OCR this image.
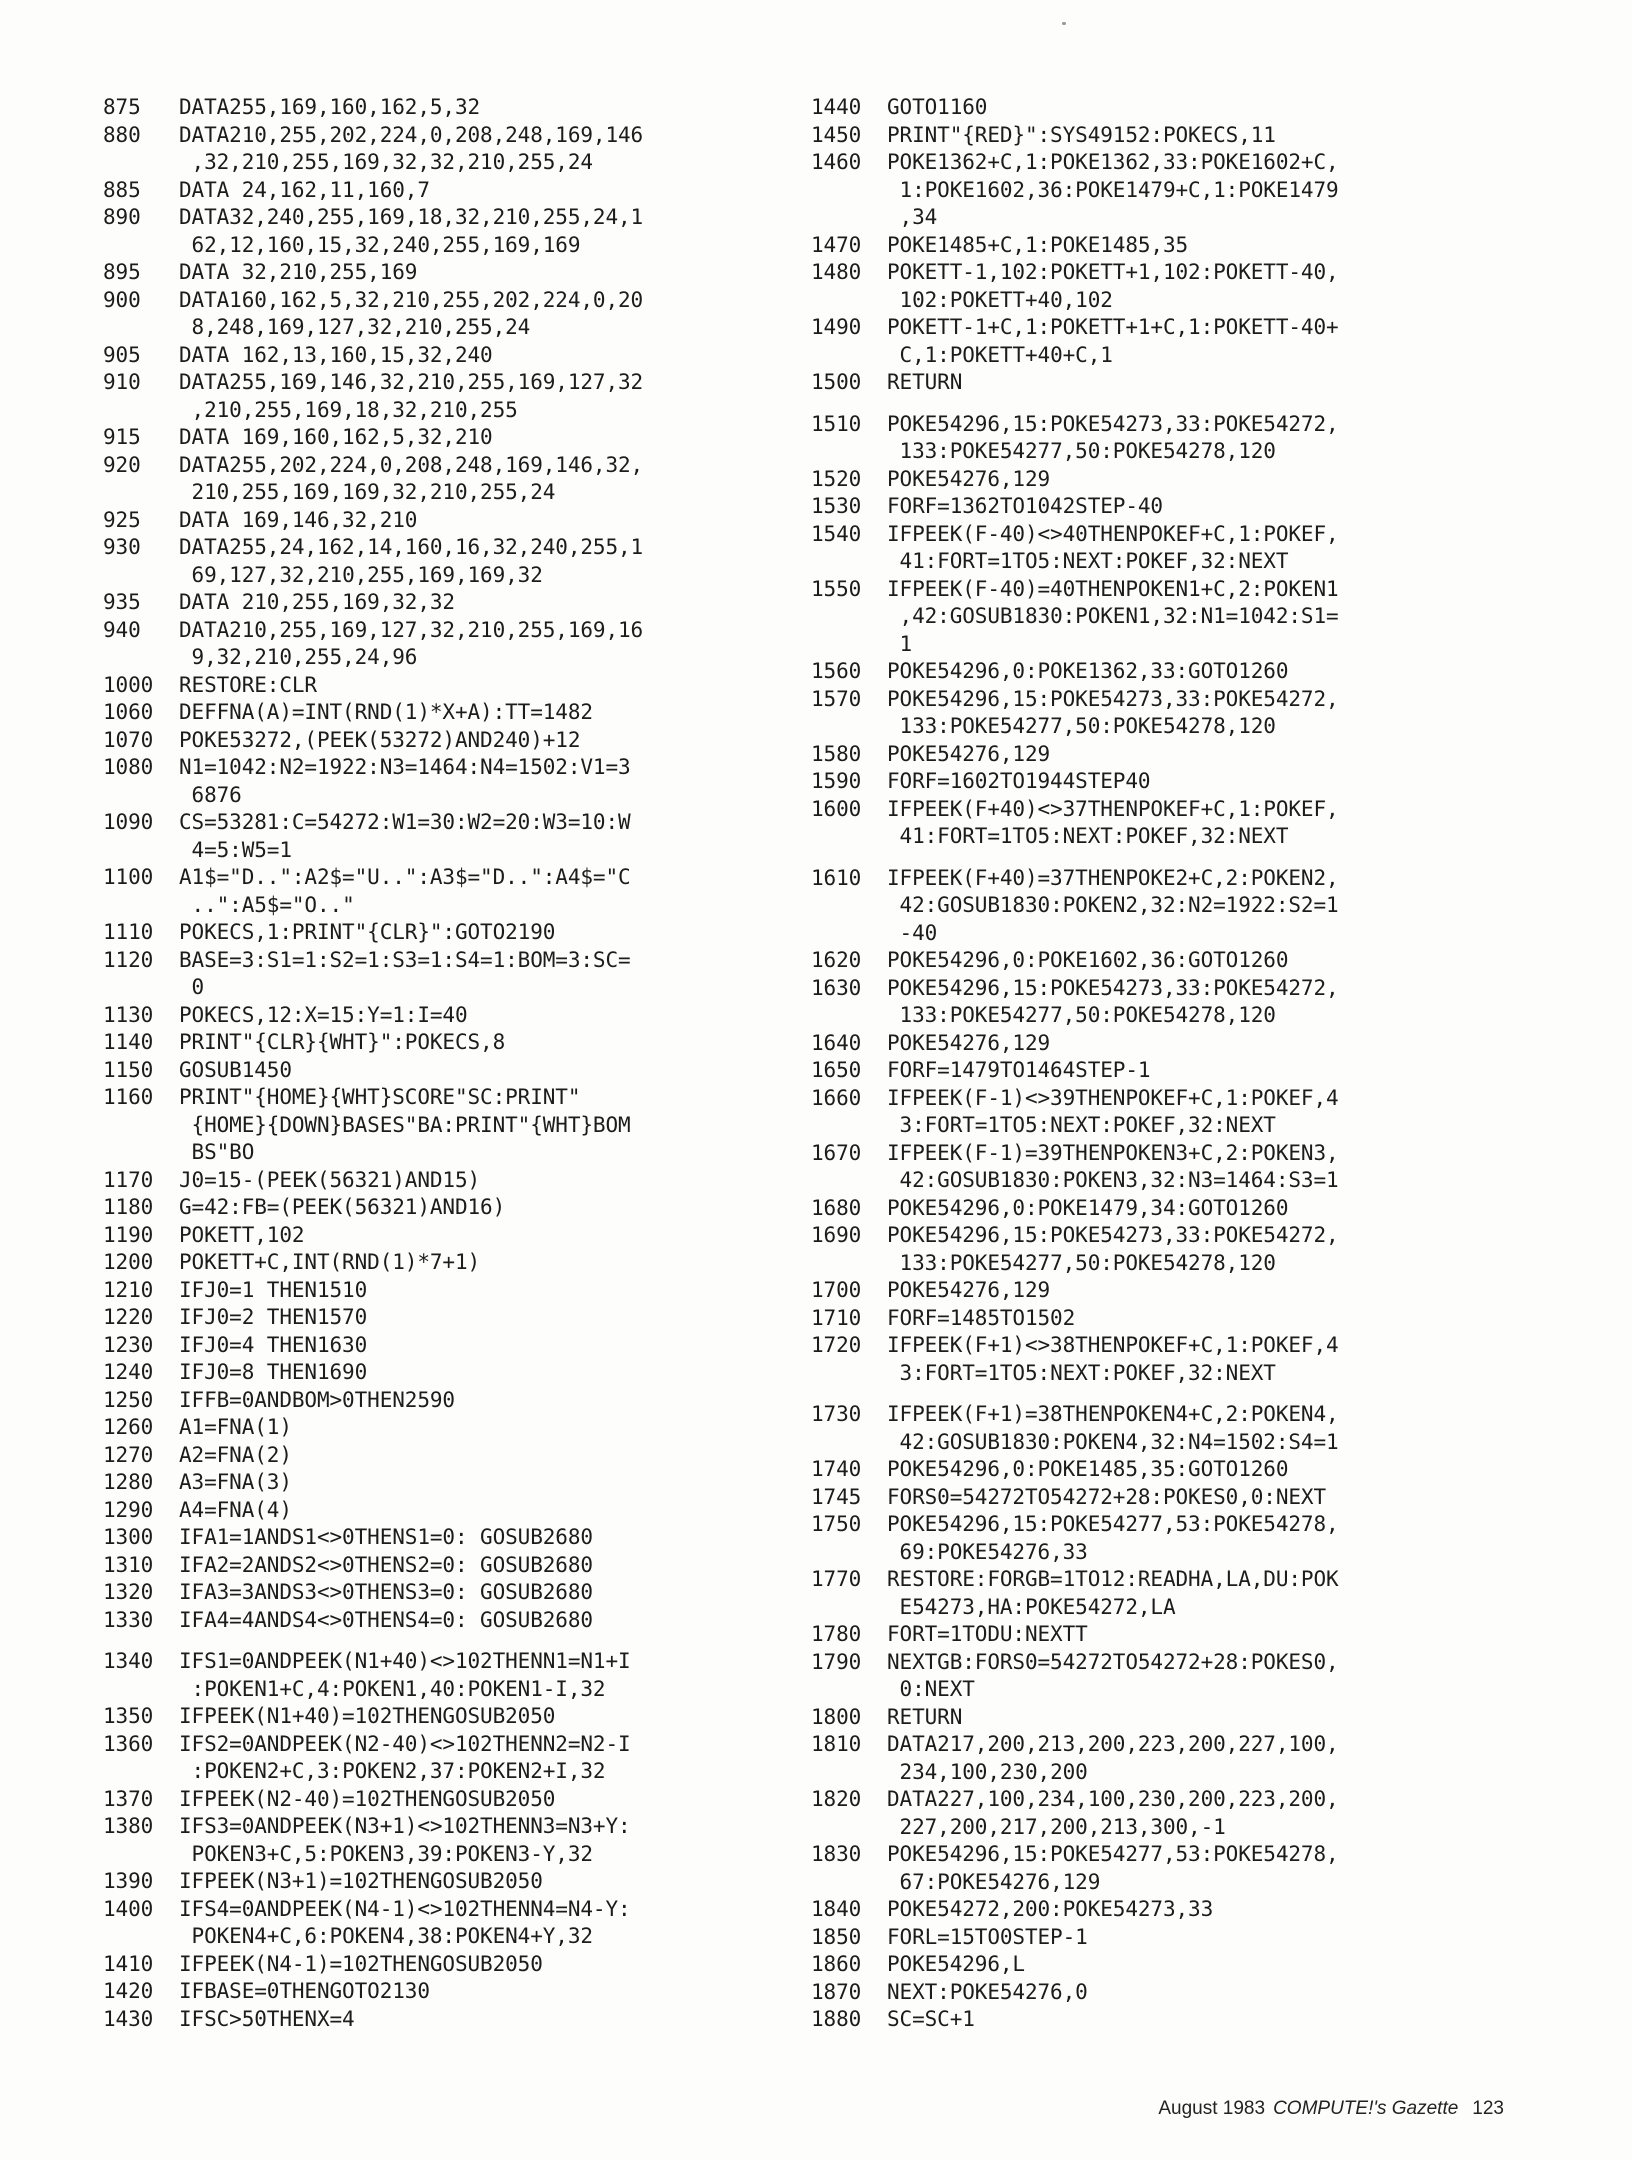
875	DATA255,169,160,162,5,32
880	DATA210,255,202,224,0,208,248,169,146
,32,210,255,169,32,32,210,255,24
885	DATA 24,162,11,160,7
890	DATA32,240,255,169,18,32,210,255,24,1
62,12,160,15,32,240,255,169,169
895	DATA 32,210,255,169
900	DATA160,162,5,32,210,255,202,224,0,20
8,248,169,127,32,210,255,24
905	DATA 162,13,160,15,32,240
910	DATA255,169,146,32,210,255,169,127,32
,210,255,169,18,32,210,255
915	DATA 169,160,162,5,32,210
920	DATA255,202,224,0,208,248,169,146,32,
210,255,169,169,32,210,255,24
925	DATA 169,146,32,210
930	DATA255,24,162,14,160,16,32,240,255,1
69,127,32,210,255,169,169,32
935	DATA 210,255,169,32,32
940	DATA210,255,169,127,32,210,255,169,16
9,32,210,255,24,96
1000	RESTORE:CLR
1060	DEFFNA(A)=INT(RND(1)*X+A):TT=1482
1070	POKE53272,(PEEK(53272)AND240)+12
1080	N1=1042:N2=1922:N3=1464:N4=1502:V1=3
6876
1090	CS=53281:C=54272:W1=30:W2=20:W3=10:W
4=5:W5=1
1100	A1$="D..":A2$="U..":A3$="D..":A4$="C
..":A5$="O.."
1110	POKECS,1:PRINT"{CLR}":GOTO2190
1120	BASE=3:S1=1:S2=1:S3=1:S4=1:BOM=3:SC=
0
1130	POKECS,12:X=15:Y=1:I=40
1140	PRINT"{CLR}{WHT}":POKECS,8
1150	GOSUB1450
1160	PRINT"{HOME}{WHT}SCORE"SC:PRINT"
{HOME}{DOWN}BASES"BA:PRINT"{WHT}BOM
BS"BO
1170	J0=15-(PEEK(56321)AND15)
1180	G=42:FB=(PEEK(56321)AND16)
1190	POKETT,102
1200	POKETT+C,INT(RND(1)*7+1)
1210	IFJ0=1 THEN1510
1220	IFJ0=2 THEN1570
1230	IFJ0=4 THEN1630
1240	IFJ0=8 THEN1690
1250	IFFB=0ANDBOM>0THEN2590
1260	A1=FNA(1)
1270	A2=FNA(2)
1280	A3=FNA(3)
1290	A4=FNA(4)
1300	IFA1=1ANDS1<>0THENS1=0: GOSUB2680
1310	IFA2=2ANDS2<>0THENS2=0: GOSUB2680
1320	IFA3=3ANDS3<>0THENS3=0: GOSUB2680
1330	IFA4=4ANDS4<>0THENS4=0: GOSUB2680
1340	IFS1=0ANDPEEK(N1+40)<>102THENN1=N1+I
:POKEN1+C,4:POKEN1,40:POKEN1-I,32
1350	IFPEEK(N1+40)=102THENGOSUB2050
1360	IFS2=0ANDPEEK(N2-40)<>102THENN2=N2-I
:POKEN2+C,3:POKEN2,37:POKEN2+I,32
1370	IFPEEK(N2-40)=102THENGOSUB2050
1380	IFS3=0ANDPEEK(N3+1)<>102THENN3=N3+Y:
POKEN3+C,5:POKEN3,39:POKEN3-Y,32
1390	IFPEEK(N3+1)=102THENGOSUB2050
1400	IFS4=0ANDPEEK(N4-1)<>102THENN4=N4-Y:
POKEN4+C,6:POKEN4,38:POKEN4+Y,32
1410	IFPEEK(N4-1)=102THENGOSUB2050
1420	IFBASE=0THENGOTO2130
1430	IFSC>50THENX=4
1440	GOTO1160
1450	PRINT"{RED}":SYS49152:POKECS,11
1460	POKE1362+C,1:POKE1362,33:POKE1602+C,
1:POKE1602,36:POKE1479+C,1:POKE1479
,34
1470	POKE1485+C,1:POKE1485,35
1480	POKETT-1,102:POKETT+1,102:POKETT-40,
102:POKETT+40,102
1490	POKETT-1+C,1:POKETT+1+C,1:POKETT-40+
C,1:POKETT+40+C,1
1500	RETURN
1510	POKE54296,15:POKE54273,33:POKE54272,
133:POKE54277,50:POKE54278,120
1520	POKE54276,129
1530	FORF=1362TO1042STEP-40
1540	IFPEEK(F-40)<>40THENPOKEF+C,1:POKEF,
41:FORT=1TO5:NEXT:POKEF,32:NEXT
1550	IFPEEK(F-40)=40THENPOKEN1+C,2:POKEN1
,42:GOSUB1830:POKEN1,32:N1=1042:S1=
1
1560	POKE54296,0:POKE1362,33:GOTO1260
1570	POKE54296,15:POKE54273,33:POKE54272,
133:POKE54277,50:POKE54278,120
1580	POKE54276,129
1590	FORF=1602TO1944STEP40
1600	IFPEEK(F+40)<>37THENPOKEF+C,1:POKEF,
41:FORT=1TO5:NEXT:POKEF,32:NEXT
1610	IFPEEK(F+40)=37THENPOKE2+C,2:POKEN2,
42:GOSUB1830:POKEN2,32:N2=1922:S2=1
-40
1620	POKE54296,0:POKE1602,36:GOTO1260
1630	POKE54296,15:POKE54273,33:POKE54272,
133:POKE54277,50:POKE54278,120
1640	POKE54276,129
1650	FORF=1479TO1464STEP-1
1660	IFPEEK(F-1)<>39THENPOKEF+C,1:POKEF,4
3:FORT=1TO5:NEXT:POKEF,32:NEXT
1670	IFPEEK(F-1)=39THENPOKEN3+C,2:POKEN3,
42:GOSUB1830:POKEN3,32:N3=1464:S3=1
1680	POKE54296,0:POKE1479,34:GOTO1260
1690	POKE54296,15:POKE54273,33:POKE54272,
133:POKE54277,50:POKE54278,120
1700	POKE54276,129
1710	FORF=1485TO1502
1720	IFPEEK(F+1)<>38THENPOKEF+C,1:POKEF,4
3:FORT=1TO5:NEXT:POKEF,32:NEXT
1730	IFPEEK(F+1)=38THENPOKEN4+C,2:POKEN4,
42:GOSUB1830:POKEN4,32:N4=1502:S4=1
1740	POKE54296,0:POKE1485,35:GOTO1260
1745	FORS0=54272TO54272+28:POKES0,0:NEXT
1750	POKE54296,15:POKE54277,53:POKE54278,
69:POKE54276,33
1770	RESTORE:FORGB=1TO12:READHA,LA,DU:POK
E54273,HA:POKE54272,LA
1780	FORT=1TODU:NEXTT
1790	NEXTGB:FORS0=54272TO54272+28:POKES0,
0:NEXT
1800	RETURN
1810	DATA217,200,213,200,223,200,227,100,
234,100,230,200
1820	DATA227,100,234,100,230,200,223,200,
227,200,217,200,213,300,-1
1830	POKE54296,15:POKE54277,53:POKE54278,
67:POKE54276,129
1840	POKE54272,200:POKE54273,33
1850	FORL=15TO0STEP-1
1860	POKE54296,L
1870	NEXT:POKE54276,0
1880	SC=SC+1
August 1983 COMPUTE!'s Gazette 123
